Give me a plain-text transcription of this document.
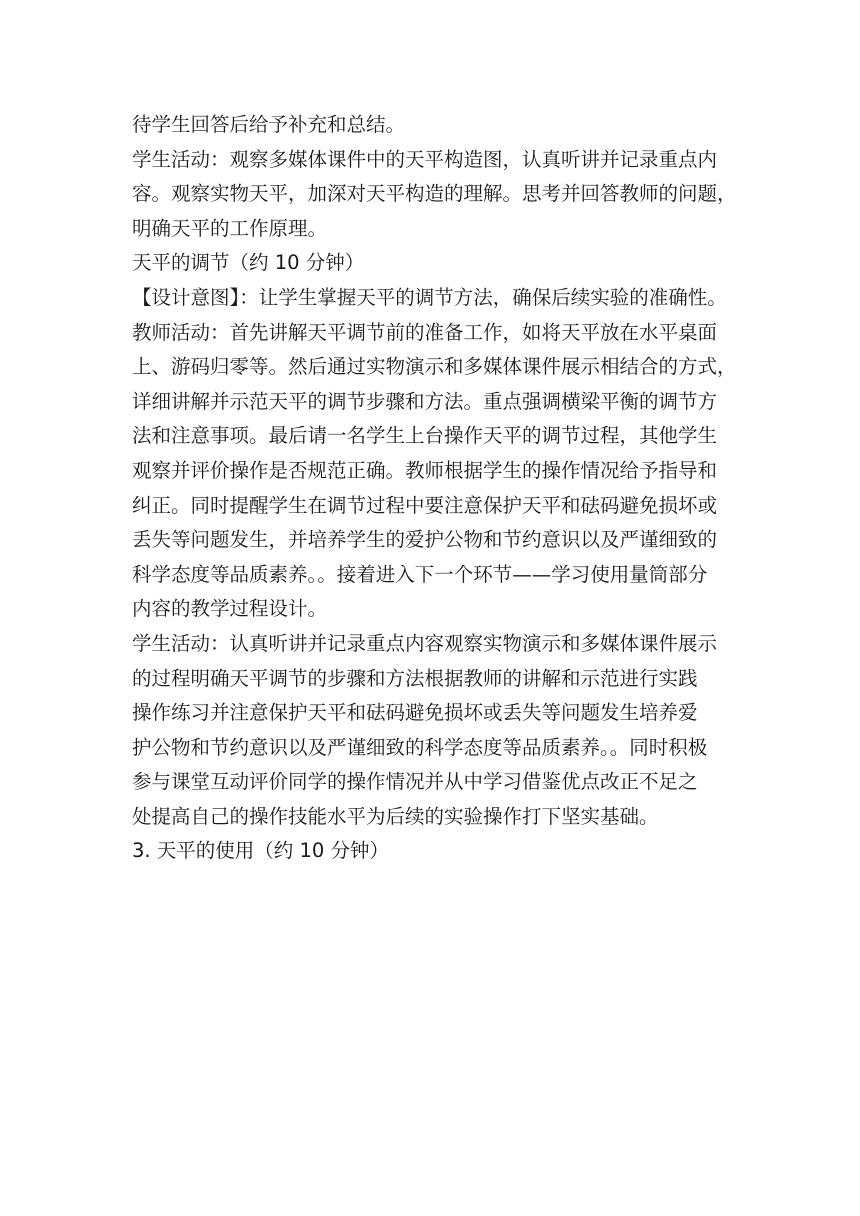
待学生回答后给予补充和总结。
学生活动：观察多媒体课件中的天平构造图，认真听讲并记录重点内
容。观察实物天平，加深对天平构造的理解。思考并回答教师的问题，
明确天平的工作原理。
天平的调节（约 10 分钟）
【设计意图】：让学生掌握天平的调节方法，确保后续实验的准确性。
教师活动：首先讲解天平调节前的准备工作，如将天平放在水平桌面
上、游码归零等。然后通过实物演示和多媒体课件展示相结合的方式，
详细讲解并示范天平的调节步骤和方法。重点强调横梁平衡的调节方
法和注意事项。最后请一名学生上台操作天平的调节过程，其他学生
观察并评价操作是否规范正确。教师根据学生的操作情况给予指导和
纠正。同时提醒学生在调节过程中要注意保护天平和砝码避免损坏或
丢失等问题发生，并培养学生的爱护公物和节约意识以及严谨细致的
科学态度等品质素养。。接着进入下一个环节——学习使用量筒部分
内容的教学过程设计。
学生活动：认真听讲并记录重点内容观察实物演示和多媒体课件展示
的过程明确天平调节的步骤和方法根据教师的讲解和示范进行实践
操作练习并注意保护天平和砝码避免损坏或丢失等问题发生培养爱
护公物和节约意识以及严谨细致的科学态度等品质素养。。同时积极
参与课堂互动评价同学的操作情况并从中学习借鉴优点改正不足之
处提高自己的操作技能水平为后续的实验操作打下坚实基础。
3. 天平的使用（约 10 分钟）
